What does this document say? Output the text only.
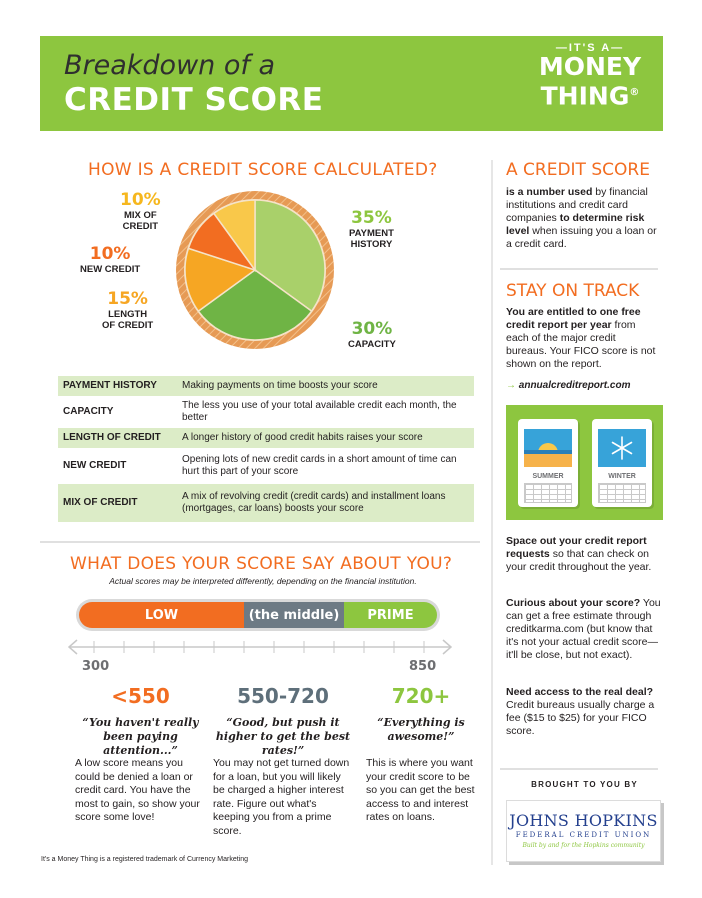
Breakdown of a
CREDIT SCORE
—IT'S A—
MONEY
THING®
HOW IS A CREDIT SCORE CALCULATED?
10%
MIX OF
CREDIT
10%
NEW CREDIT
15%
LENGTH
OF CREDIT
35%
PAYMENT
HISTORY
30%
CAPACITY
PAYMENT HISTORY	Making payments on time boosts your score
CAPACITY	The less you use of your total available credit each month, the better
LENGTH OF CREDIT	A longer history of good credit habits raises your score
NEW CREDIT	Opening lots of new credit cards in a short amount of time can hurt this part of your score
MIX OF CREDIT	A mix of revolving credit (credit cards) and installment loans (mortgages, car loans) boosts your score
WHAT DOES YOUR SCORE SAY ABOUT YOU?
Actual scores may be interpreted differently, depending on the financial institution.
LOW	(the middle)	PRIME
300	850
<550
“You haven't really been paying attention...”
550-720
“Good, but push it higher to get the best rates!”
720+
“Everything is awesome!”
A low score means you could be denied a loan or credit card. You have the most to gain, so show your score some love!
You may not get turned down for a loan, but you will likely be charged a higher interest rate. Figure out what's keeping you from a prime score.
This is where you want your credit score to be so you can get the best access to and interest rates on loans.
It's a Money Thing is a registered trademark of Currency Marketing
A CREDIT SCORE
is a number used by financial institutions and credit card companies to determine risk level when issuing you a loan or a credit card.
STAY ON TRACK
You are entitled to one free credit report per year from each of the major credit bureaus. Your FICO score is not shown on the report.
→ annualcreditreport.com
SUMMER	WINTER
Space out your credit report requests so that can check on your credit throughout the year.
Curious about your score? You can get a free estimate through creditkarma.com (but know that it's not your actual credit score—it'll be close, but not exact).
Need access to the real deal? Credit bureaus usually charge a fee ($15 to $25) for your FICO score.
BROUGHT TO YOU BY
JOHNS HOPKINS
FEDERAL CREDIT UNION
Built by and for the Hopkins community
